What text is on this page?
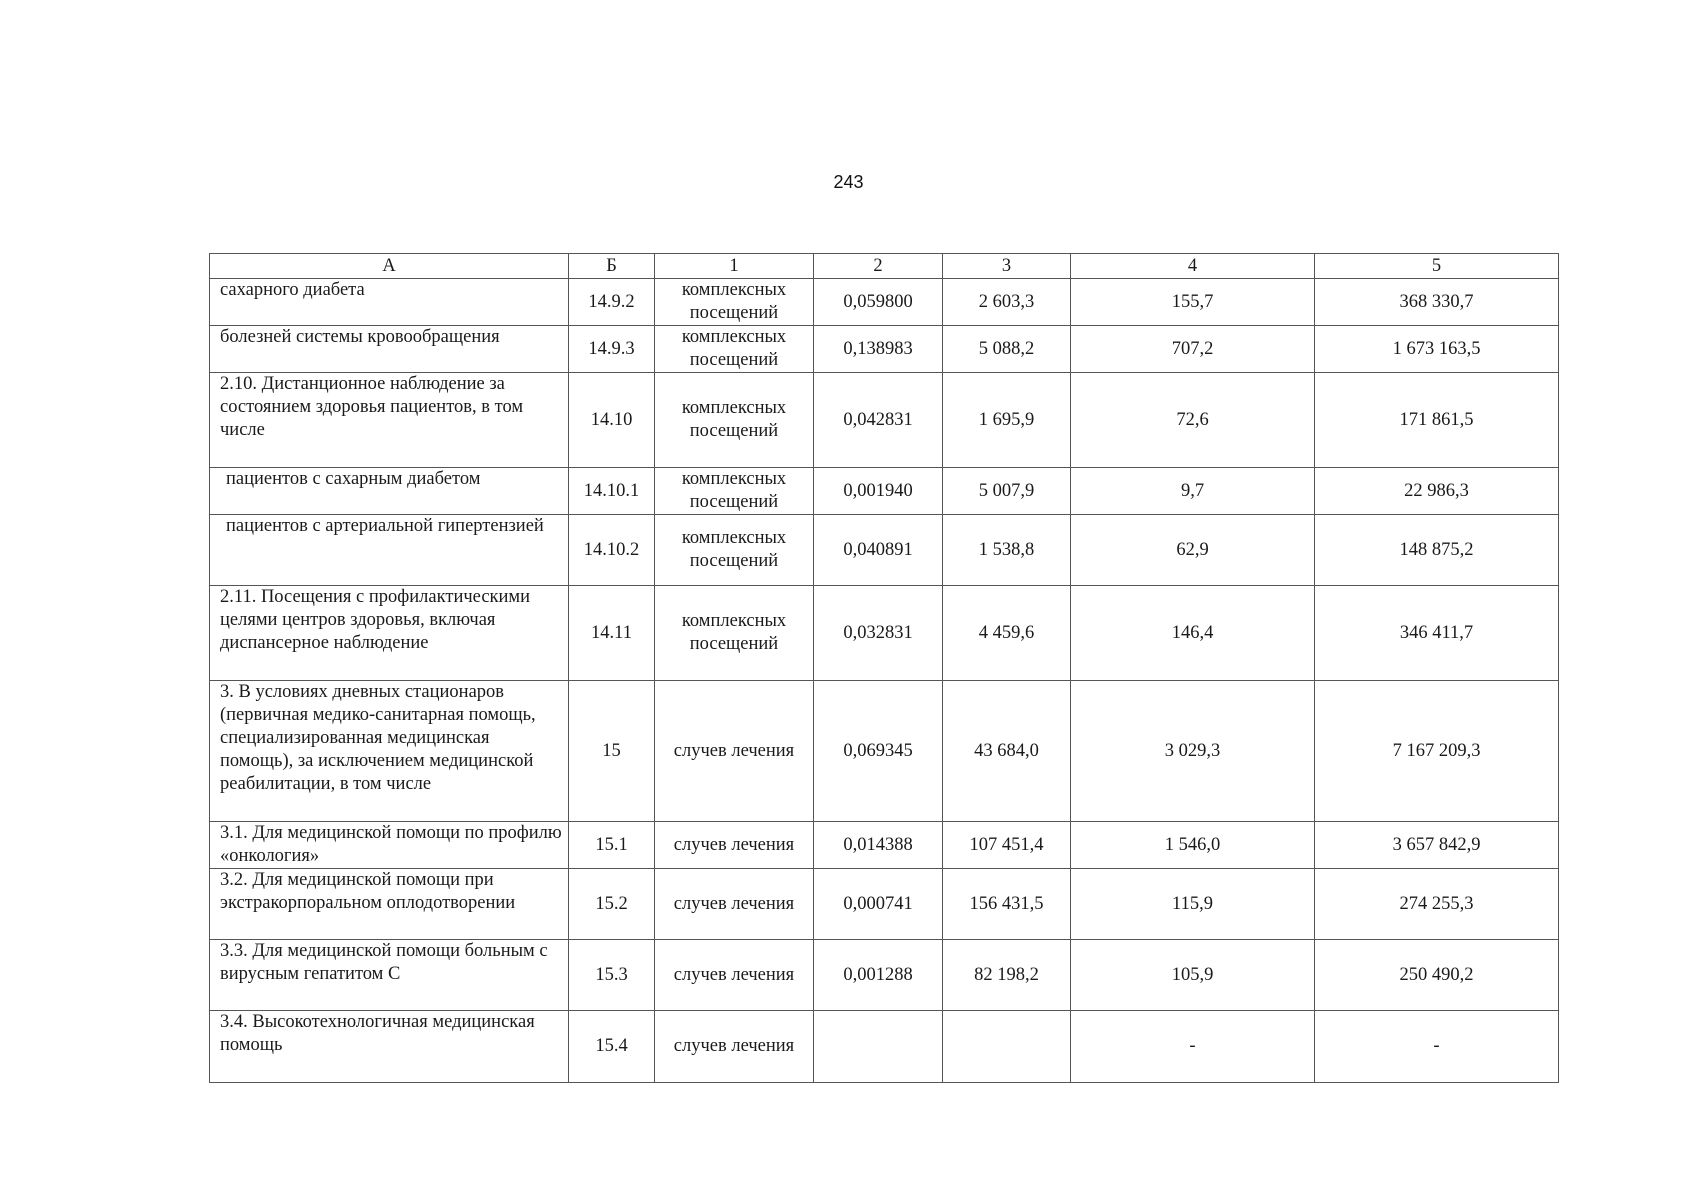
243
А	Б	1	2	3	4	5
сахарного диабета	14.9.2	комплексных посещений	0,059800	2 603,3	155,7	368 330,7
болезней системы кровообращения	14.9.3	комплексных посещений	0,138983	5 088,2	707,2	1 673 163,5
2.10. Дистанционное наблюдение за состоянием здоровья пациентов, в том числе	14.10	комплексных посещений	0,042831	1 695,9	72,6	171 861,5

пациентов с сахарным диабетом	14.10.1	комплексных посещений	0,001940	5 007,9	9,7	22 986,3

пациентов с артериальной гипертензией	14.10.2	комплексных посещений	0,040891	1 538,8	62,9	148 875,2
2.11. Посещения с профилактическими целями центров здоровья, включая диспансерное наблюдение	14.11	комплексных посещений	0,032831	4 459,6	146,4	346 411,7
3. В условиях дневных стационаров (первичная медико-санитарная помощь, специализированная медицинская помощь), за исключением медицинской реабилитации, в том числе	15	случев лечения	0,069345	43 684,0	3 029,3	7 167 209,3
3.1. Для медицинской помощи по профилю «онкология»	15.1	случев лечения	0,014388	107 451,4	1 546,0	3 657 842,9
3.2. Для медицинской помощи при экстракорпоральном оплодотворении	15.2	случев лечения	0,000741	156 431,5	115,9	274 255,3
3.3. Для медицинской помощи больным с вирусным гепатитом С	15.3	случев лечения	0,001288	82 198,2	105,9	250 490,2
3.4. Высокотехнологичная медицинская помощь	15.4	случев лечения			-	-
